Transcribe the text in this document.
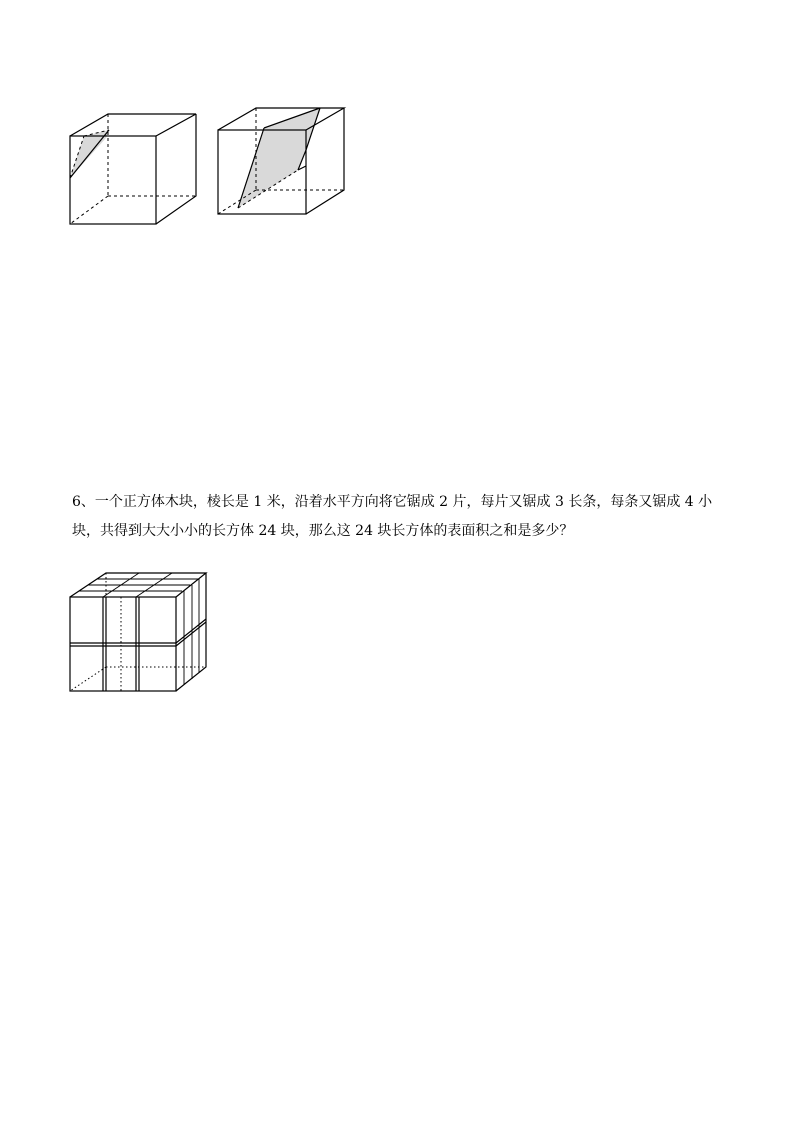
6、一个正方体木块，棱长是 1 米，沿着水平方向将它锯成 2 片，每片又锯成 3 长条，每条又锯成 4 小块，共得到大大小小的长方体 24 块，那么这 24 块长方体的表面积之和是多少？
